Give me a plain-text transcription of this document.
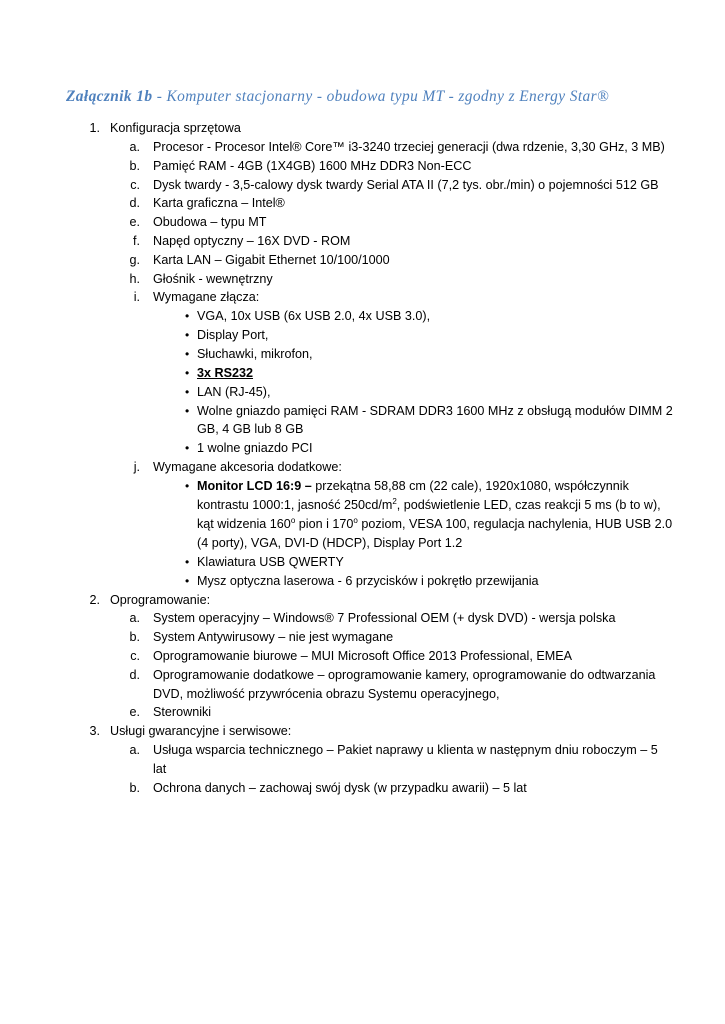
Załącznik 1b - Komputer stacjonarny - obudowa typu MT - zgodny z Energy Star®
1. Konfiguracja sprzętowa
a. Procesor - Procesor Intel® Core™ i3-3240 trzeciej generacji (dwa rdzenie, 3,30 GHz, 3 MB)
b. Pamięć RAM - 4GB (1X4GB) 1600 MHz DDR3 Non-ECC
c. Dysk twardy - 3,5-calowy dysk twardy Serial ATA II (7,2 tys. obr./min) o pojemności 512 GB
d. Karta graficzna – Intel®
e. Obudowa – typu MT
f. Napęd optyczny – 16X DVD - ROM
g. Karta LAN – Gigabit Ethernet 10/100/1000
h. Głośnik - wewnętrzny
i. Wymagane złącza:
• VGA, 10x USB (6x USB 2.0, 4x USB 3.0),
• Display Port,
• Słuchawki, mikrofon,
• 3x RS232
• LAN (RJ-45),
• Wolne gniazdo pamięci RAM - SDRAM DDR3 1600 MHz z obsługą modułów DIMM 2
GB, 4 GB lub 8 GB
• 1 wolne gniazdo PCI
j. Wymagane akcesoria dodatkowe:
• Monitor LCD 16:9 – przekątna 58,88 cm (22 cale), 1920x1080, współczynnik
kontrastu 1000:1, jasność $250cd/m^2$, podświetlenie LED, czas reakcji 5 ms (b to w),
kąt widzenia 160$^o$ pion i 170$^o$ poziom, VESA 100, regulacja nachylenia, HUB USB 2.0
(4 porty), VGA, DVI-D (HDCP), Display Port 1.2
• Klawiatura USB QWERTY
• Mysz optyczna laserowa - 6 przycisków i pokrętło przewijania
2. Oprogramowanie:
a. System operacyjny – Windows® 7 Professional OEM (+ dysk DVD) - wersja polska
b. System Antywirusowy – nie jest wymagane
c. Oprogramowanie biurowe – MUI Microsoft Office 2013 Professional, EMEA
d. Oprogramowanie dodatkowe – oprogramowanie kamery, oprogramowanie do odtwarzania
DVD, możliwość przywrócenia obrazu Systemu operacyjnego,
e. Sterowniki
3. Usługi gwarancyjne i serwisowe:
a. Usługa wsparcia technicznego – Pakiet naprawy u klienta w następnym dniu roboczym – 5
lat
b. Ochrona danych – zachowaj swój dysk (w przypadku awarii) – 5 lat
